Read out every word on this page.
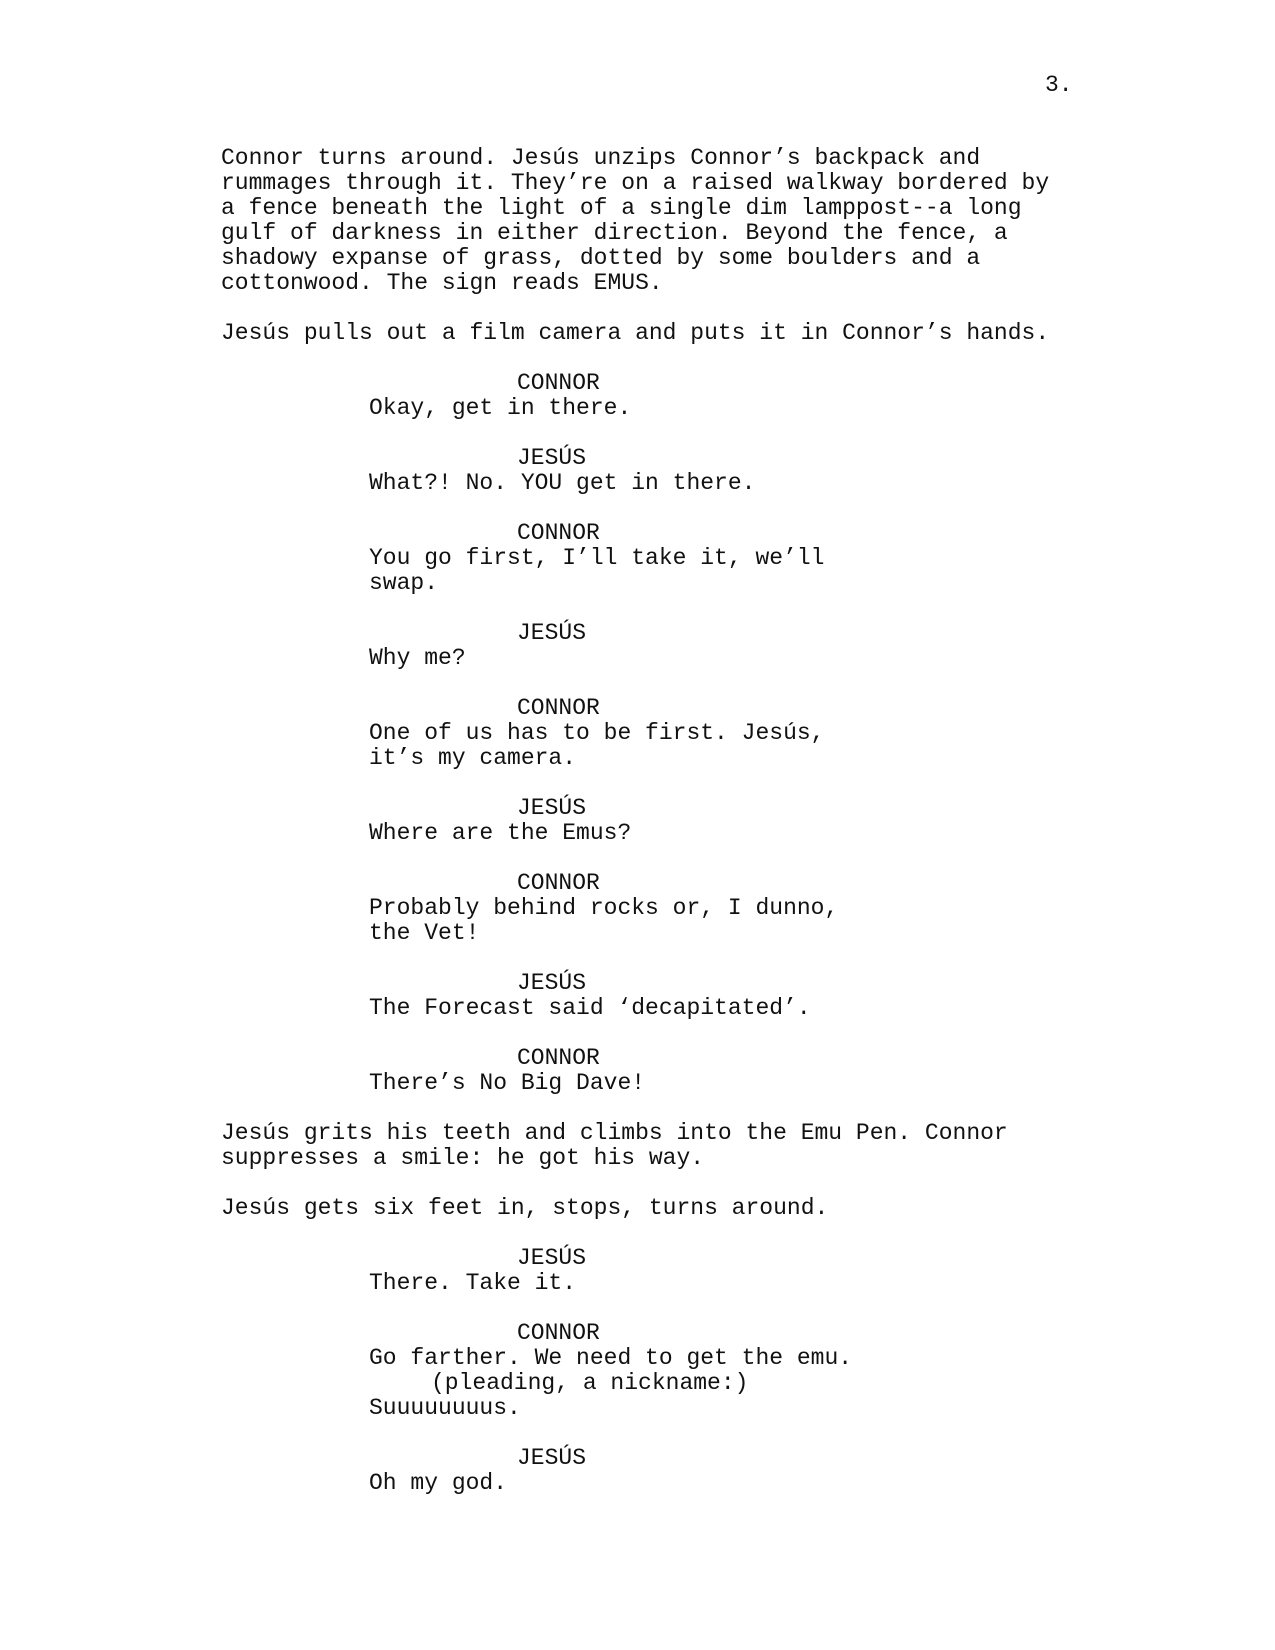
3.

Connor turns around. Jesús unzips Connor’s backpack and
rummages through it. They’re on a raised walkway bordered by
a fence beneath the light of a single dim lamppost--a long
gulf of darkness in either direction. Beyond the fence, a
shadowy expanse of grass, dotted by some boulders and a
cottonwood. The sign reads EMUS.

Jesús pulls out a film camera and puts it in Connor’s hands.

CONNOR
Okay, get in there.
JESÚS
What?! No. YOU get in there.
CONNOR
You go first, I’ll take it, we’ll
swap.
JESÚS
Why me?
CONNOR
One of us has to be first. Jesús,
it’s my camera.
JESÚS
Where are the Emus?
CONNOR
Probably behind rocks or, I dunno,
the Vet!
JESÚS
The Forecast said ‘decapitated’.
CONNOR
There’s No Big Dave!

Jesús grits his teeth and climbs into the Emu Pen. Connor
suppresses a smile: he got his way.

Jesús gets six feet in, stops, turns around.

JESÚS
There. Take it.
CONNOR
Go farther. We need to get the emu.
(pleading, a nickname:)
Suuuuuuuus.
JESÚS
Oh my god.
